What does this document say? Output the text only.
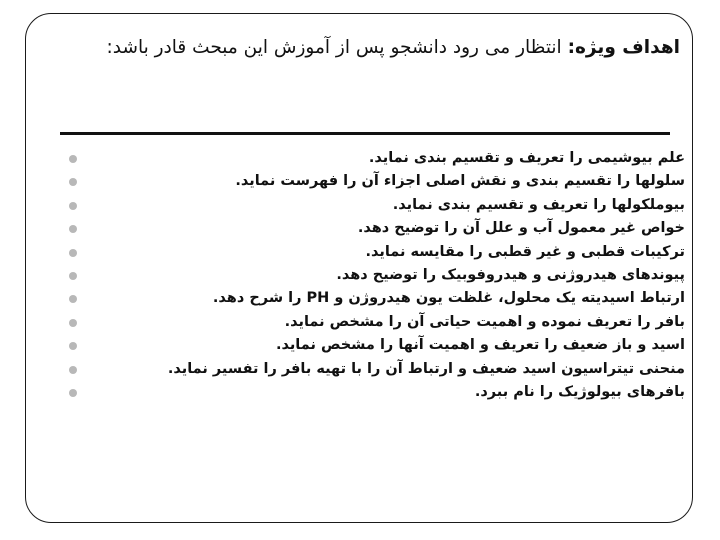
اهداف ویژه: انتظار می رود دانشجو پس از آموزش این مبحث قادر باشد:
علم بیوشیمی را تعریف و تقسیم بندی نماید.
سلولها را تقسیم بندی و نقش اصلی اجزاء آن را فهرست نماید.
بیوملکولها را تعریف و تقسیم بندی نماید.
خواص غیر معمول آب و علل آن را توضیح دهد.
ترکیبات قطبی و غیر قطبی را مقایسه نماید.
پیوندهای هیدروژنی و هیدروفوبیک را توضیح دهد.
ارتباط اسیدیته یک محلول، غلظت یون هیدروژن و PH را شرح دهد.
بافر را تعریف نموده و اهمیت حیاتی آن را مشخص نماید.
اسید و باز ضعیف را تعریف و اهمیت آنها را مشخص نماید.
منحنی تیتراسیون اسید ضعیف و ارتباط آن را با تهیه بافر را تفسیر نماید.
بافرهای بیولوژیک را نام ببرد.
